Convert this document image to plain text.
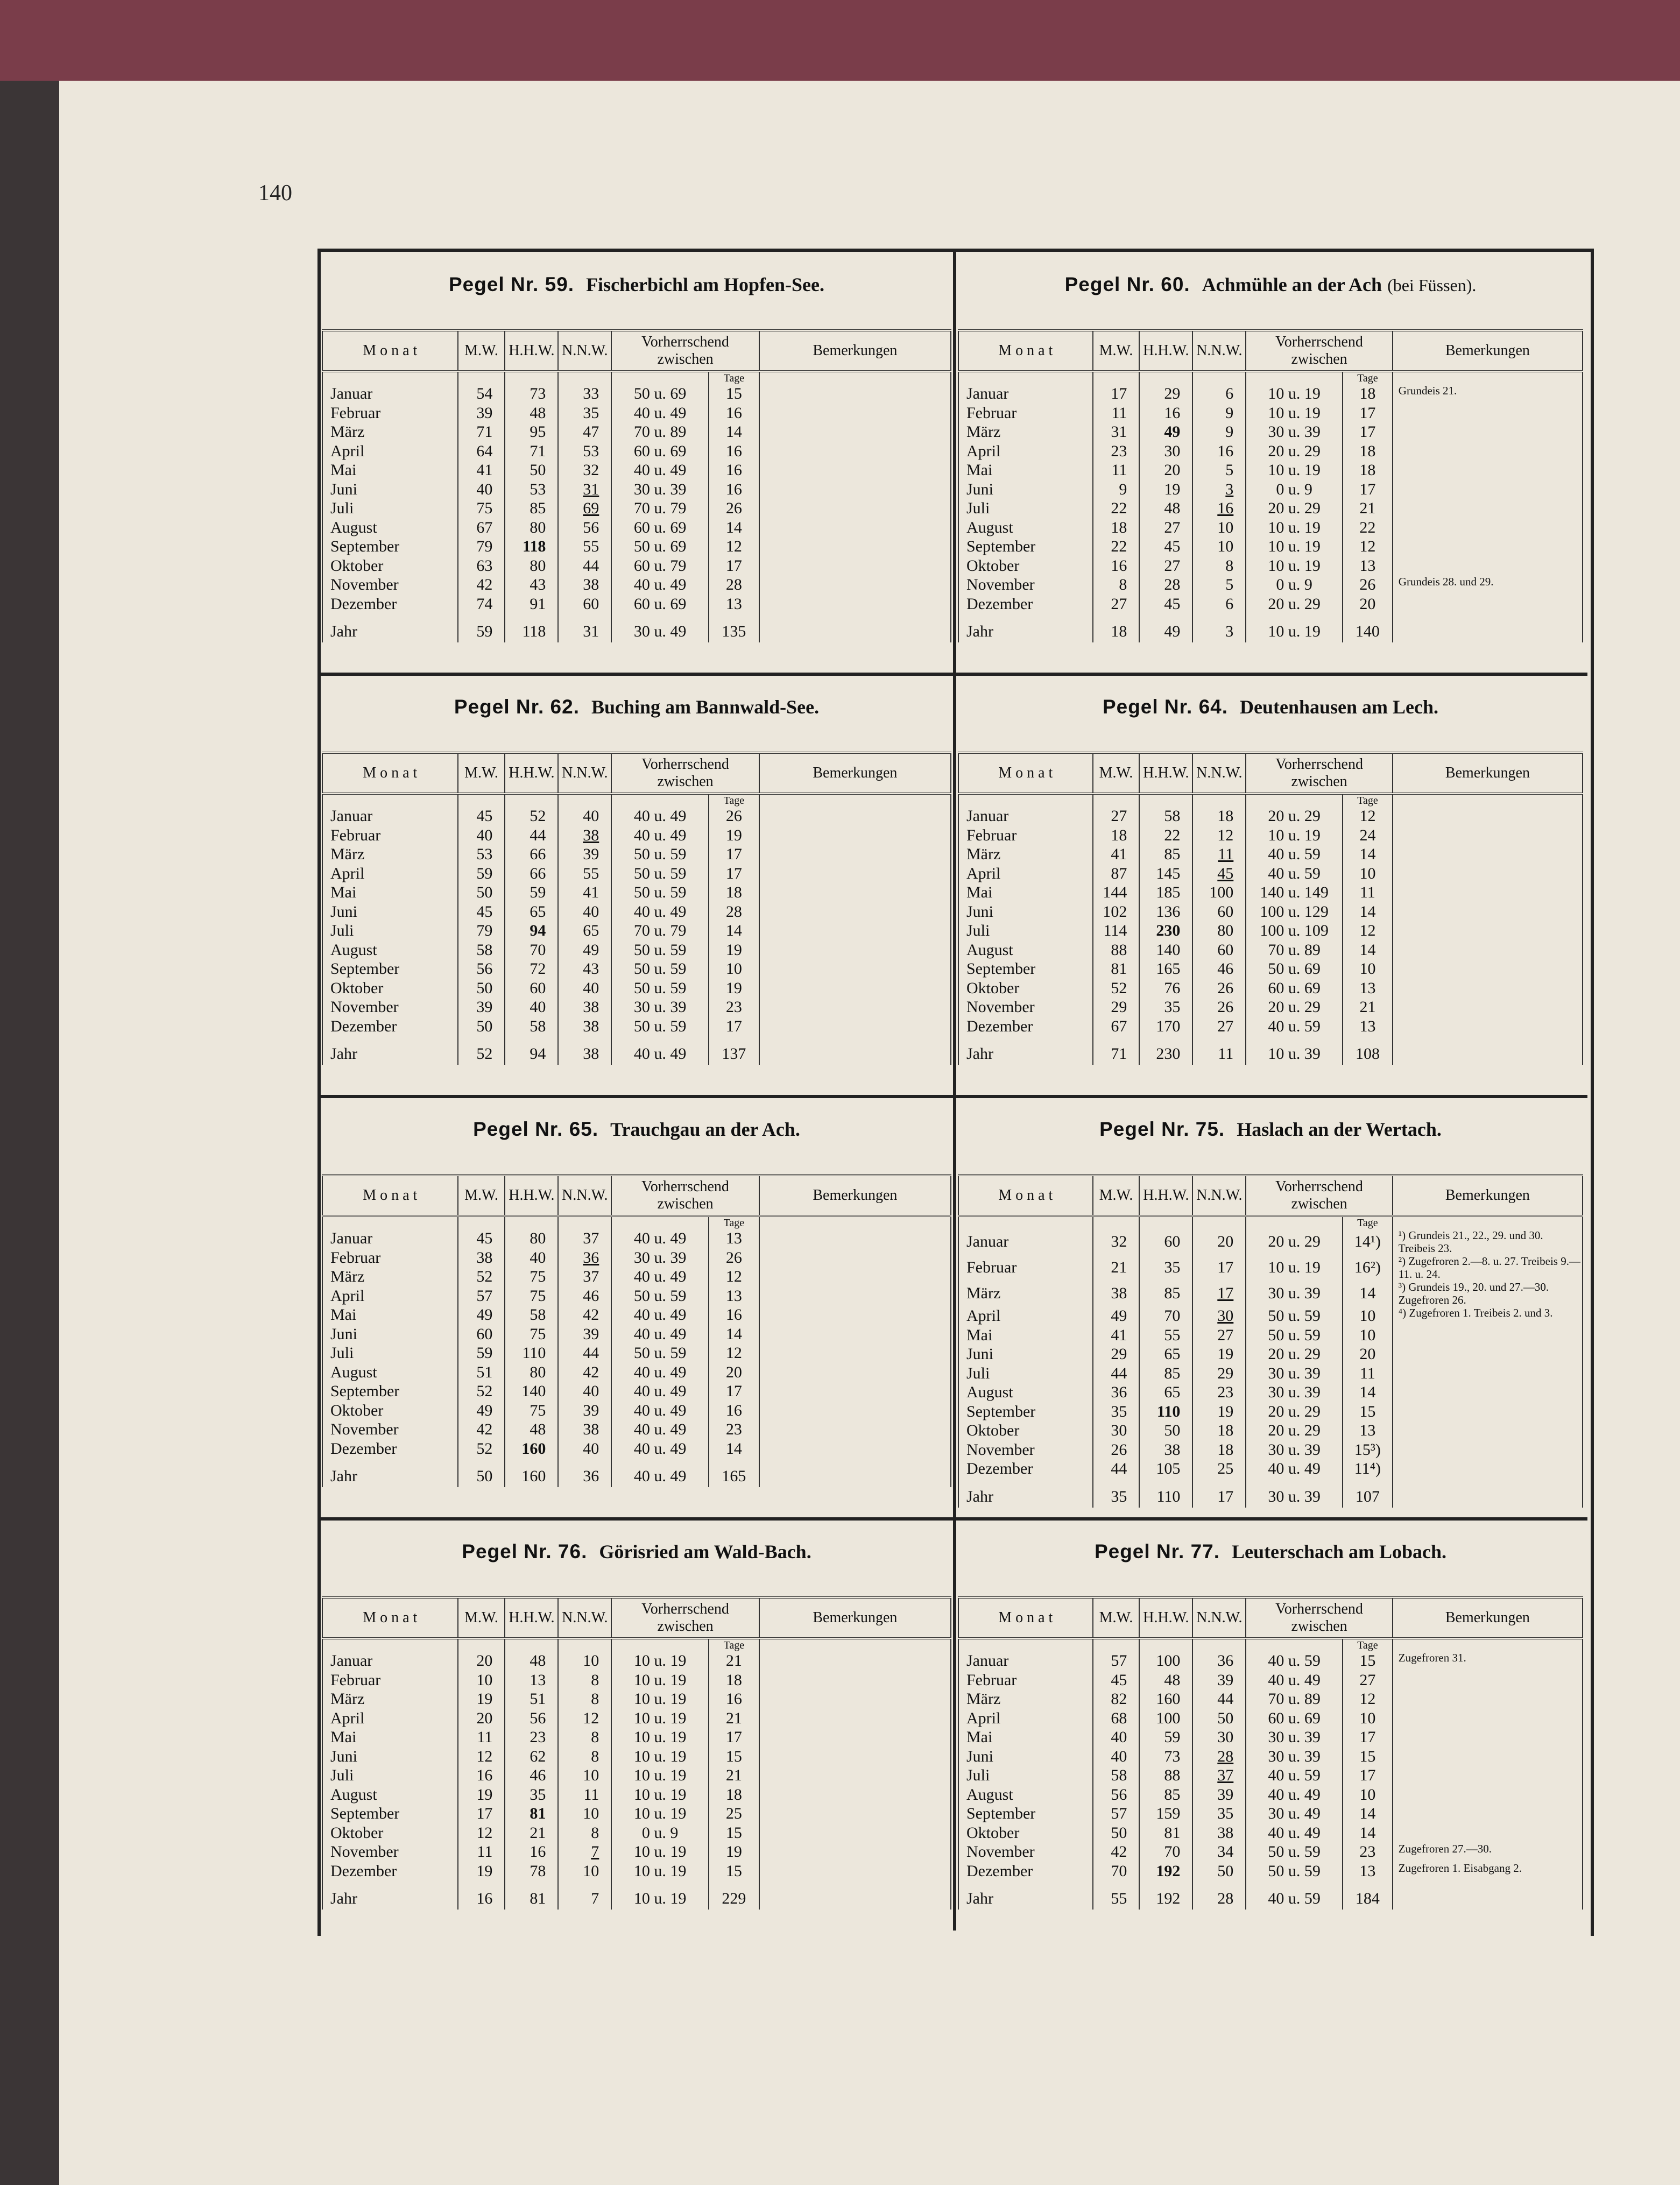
140
Pegel Nr. 59. Fischerbichl am Hopfen-See.
M o n a t	M.W.	H.H.W.	N.N.W.	Vorherrschend zwischen		Bemerkungen
					Tage	
Januar	54	73	33	50 u. 69	15	
Februar	39	48	35	40 u. 49	16	
März	71	95	47	70 u. 89	14	
April	64	71	53	60 u. 69	16	
Mai	41	50	32	40 u. 49	16	
Juni	40	53	31	30 u. 39	16	
Juli	75	85	69	70 u. 79	26	
August	67	80	56	60 u. 69	14	
September	79	118	55	50 u. 69	12	
Oktober	63	80	44	60 u. 79	17	
November	42	43	38	40 u. 49	28	
Dezember	74	91	60	60 u. 69	13	
Jahr	59	118	31	30 u. 49	135	
Pegel Nr. 60. Achmühle an der Ach (bei Füssen).
M o n a t	M.W.	H.H.W.	N.N.W.	Vorherrschend zwischen		Bemerkungen
					Tage	
Januar	17	29	6	10 u. 19	18	Grundeis 21.
Februar	11	16	9	10 u. 19	17	
März	31	49	9	30 u. 39	17	
April	23	30	16	20 u. 29	18	
Mai	11	20	5	10 u. 19	18	
Juni	9	19	3	0 u. 9	17	
Juli	22	48	16	20 u. 29	21	
August	18	27	10	10 u. 19	22	
September	22	45	10	10 u. 19	12	
Oktober	16	27	8	10 u. 19	13	
November	8	28	5	0 u. 9	26	Grundeis 28. und 29.
Dezember	27	45	6	20 u. 29	20	
Jahr	18	49	3	10 u. 19	140	
Pegel Nr. 62. Buching am Bannwald-See.
M o n a t	M.W.	H.H.W.	N.N.W.	Vorherrschend zwischen		Bemerkungen
					Tage	
Januar	45	52	40	40 u. 49	26	
Februar	40	44	38	40 u. 49	19	
März	53	66	39	50 u. 59	17	
April	59	66	55	50 u. 59	17	
Mai	50	59	41	50 u. 59	18	
Juni	45	65	40	40 u. 49	28	
Juli	79	94	65	70 u. 79	14	
August	58	70	49	50 u. 59	19	
September	56	72	43	50 u. 59	10	
Oktober	50	60	40	50 u. 59	19	
November	39	40	38	30 u. 39	23	
Dezember	50	58	38	50 u. 59	17	
Jahr	52	94	38	40 u. 49	137	
Pegel Nr. 64. Deutenhausen am Lech.
M o n a t	M.W.	H.H.W.	N.N.W.	Vorherrschend zwischen		Bemerkungen
					Tage	
Januar	27	58	18	20 u. 29	12	
Februar	18	22	12	10 u. 19	24	
März	41	85	11	40 u. 59	14	
April	87	145	45	40 u. 59	10	
Mai	144	185	100	140 u. 149	11	
Juni	102	136	60	100 u. 129	14	
Juli	114	230	80	100 u. 109	12	
August	88	140	60	70 u. 89	14	
September	81	165	46	50 u. 69	10	
Oktober	52	76	26	60 u. 69	13	
November	29	35	26	20 u. 29	21	
Dezember	67	170	27	40 u. 59	13	
Jahr	71	230	11	10 u. 39	108	
Pegel Nr. 65. Trauchgau an der Ach.
M o n a t	M.W.	H.H.W.	N.N.W.	Vorherrschend zwischen		Bemerkungen
					Tage	
Januar	45	80	37	40 u. 49	13	
Februar	38	40	36	30 u. 39	26	
März	52	75	37	40 u. 49	12	
April	57	75	46	50 u. 59	13	
Mai	49	58	42	40 u. 49	16	
Juni	60	75	39	40 u. 49	14	
Juli	59	110	44	50 u. 59	12	
August	51	80	42	40 u. 49	20	
September	52	140	40	40 u. 49	17	
Oktober	49	75	39	40 u. 49	16	
November	42	48	38	40 u. 49	23	
Dezember	52	160	40	40 u. 49	14	
Jahr	50	160	36	40 u. 49	165	
Pegel Nr. 75. Haslach an der Wertach.
M o n a t	M.W.	H.H.W.	N.N.W.	Vorherrschend zwischen		Bemerkungen
					Tage	
Januar	32	60	20	20 u. 29	14¹)	¹) Grundeis 21., 22., 29. und 30. Treibeis 23.
Februar	21	35	17	10 u. 19	16²)	²) Zugefroren 2.—8. u. 27. Treibeis 9.—11. u. 24.
März	38	85	17	30 u. 39	14	³) Grundeis 19., 20. und 27.—30. Zugefroren 26.
April	49	70	30	50 u. 59	10	⁴) Zugefroren 1. Treibeis 2. und 3.
Mai	41	55	27	50 u. 59	10	
Juni	29	65	19	20 u. 29	20	
Juli	44	85	29	30 u. 39	11	
August	36	65	23	30 u. 39	14	
September	35	110	19	20 u. 29	15	
Oktober	30	50	18	20 u. 29	13	
November	26	38	18	30 u. 39	15³)	
Dezember	44	105	25	40 u. 49	11⁴)	
Jahr	35	110	17	30 u. 39	107	
Pegel Nr. 76. Görisried am Wald-Bach.
M o n a t	M.W.	H.H.W.	N.N.W.	Vorherrschend zwischen		Bemerkungen
					Tage	
Januar	20	48	10	10 u. 19	21	
Februar	10	13	8	10 u. 19	18	
März	19	51	8	10 u. 19	16	
April	20	56	12	10 u. 19	21	
Mai	11	23	8	10 u. 19	17	
Juni	12	62	8	10 u. 19	15	
Juli	16	46	10	10 u. 19	21	
August	19	35	11	10 u. 19	18	
September	17	81	10	10 u. 19	25	
Oktober	12	21	8	0 u. 9	15	
November	11	16	7	10 u. 19	19	
Dezember	19	78	10	10 u. 19	15	
Jahr	16	81	7	10 u. 19	229	
Pegel Nr. 77. Leuterschach am Lobach.
M o n a t	M.W.	H.H.W.	N.N.W.	Vorherrschend zwischen		Bemerkungen
					Tage	
Januar	57	100	36	40 u. 59	15	Zugefroren 31.
Februar	45	48	39	40 u. 49	27	
März	82	160	44	70 u. 89	12	
April	68	100	50	60 u. 69	10	
Mai	40	59	30	30 u. 39	17	
Juni	40	73	28	30 u. 39	15	
Juli	58	88	37	40 u. 59	17	
August	56	85	39	40 u. 49	10	
September	57	159	35	30 u. 49	14	
Oktober	50	81	38	40 u. 49	14	
November	42	70	34	50 u. 59	23	Zugefroren 27.—30.
Dezember	70	192	50	50 u. 59	13	Zugefroren 1. Eisabgang 2.
Jahr	55	192	28	40 u. 59	184	
